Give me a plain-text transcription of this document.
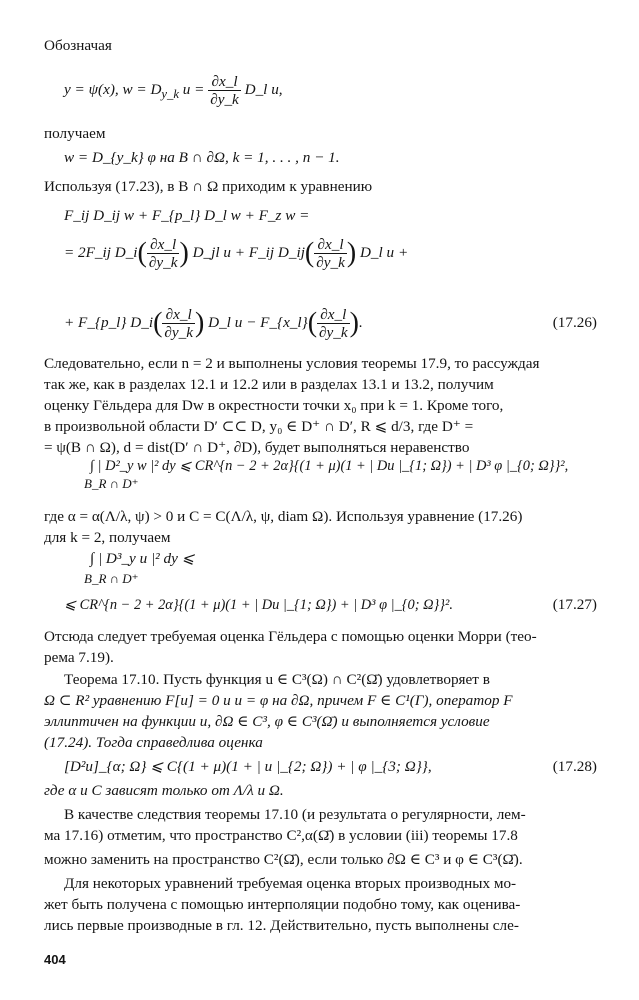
Обозначая
y = ψ(x), $w = D_{y\_k}$ $u = \frac{\partial x\_l}{\partial y\_k}$ D_l u,
получаем
w = D_{y_k} φ на B ∩ ∂Ω, k = 1, . . . , n − 1.
Используя (17.23), в B ∩ Ω приходим к уравнению
F_ij D_ij w + F_{p_l} D_l w + F_z w =
= 2F_ij D_i( $\frac{\partial x\_l}{\partial y\_k}$ ) D_jl u + F_ij D_ij( $\frac{\partial x\_l}{\partial y\_k}$ ) D_l u +
+ F_{p_l} D_i( $\frac{\partial x\_l}{\partial y\_k}$ ) D_l u − F_{x_l}( $\frac{\partial x\_l}{\partial y\_k}$ ).	(17.26)
Следовательно, если n = 2 и выполнены условия теоремы 17.9, то рассуждая
так же, как в разделах 12.1 и 12.2 или в разделах 13.1 и 13.2, получим
оценку Гёльдера для Dw в окрестности точки x₀ при k = 1. Кроме того,
в произвольной области D′ ⊂⊂ D, y₀ ∈ D⁺ ∩ D′, R ⩽ d/3, где D⁺ =
= ψ(B ∩ Ω), d = dist(D′ ∩ D⁺, ∂D), будет выполняться неравенство
∫ | D²_y w |² dy ⩽ CR^{n − 2 + 2α}{(1 + μ)(1 + | Du |_{1; Ω}) + | D³ φ |_{0; Ω}}²,
B_R ∩ D⁺
где α = α(Λ/λ, ψ) > 0 и C = C(Λ/λ, ψ, diam Ω). Используя уравнение (17.26)
для k = 2, получаем
∫ | D³_y u |² dy ⩽
B_R ∩ D⁺
⩽ CR^{n − 2 + 2α}{(1 + μ)(1 + | Du |_{1; Ω}) + | D³ φ |_{0; Ω}}².	(17.27)
Отсюда следует требуемая оценка Гёльдера с помощью оценки Морри (тео-
рема 7.19).
Теорема 17.10. Пусть функция u ∈ C³(Ω) ∩ C²(Ω̄) удовлетворяет в
Ω ⊂ R² уравнению F[u] = 0 и u = φ на ∂Ω, причем F ∈ C¹(Γ), оператор F
эллиптичен на функции u, ∂Ω ∈ C³, φ ∈ C³(Ω̄) и выполняется условие
(17.24). Тогда справедлива оценка
[D²u]_{α; Ω} ⩽ C{(1 + μ)(1 + | u |_{2; Ω}) + | φ |_{3; Ω}},	(17.28)
где α и C зависят только от Λ/λ и Ω.
В качестве следствия теоремы 17.10 (и результата о регулярности, лем-
ма 17.16) отметим, что пространство C²,α(Ω̄) в условии (iii) теоремы 17.8
можно заменить на пространство C²(Ω̄), если только ∂Ω ∈ C³ и φ ∈ C³(Ω̄).
Для некоторых уравнений требуемая оценка вторых производных мо-
жет быть получена с помощью интерполяции подобно тому, как оценива-
лись первые производные в гл. 12. Действительно, пусть выполнены сле-
404
